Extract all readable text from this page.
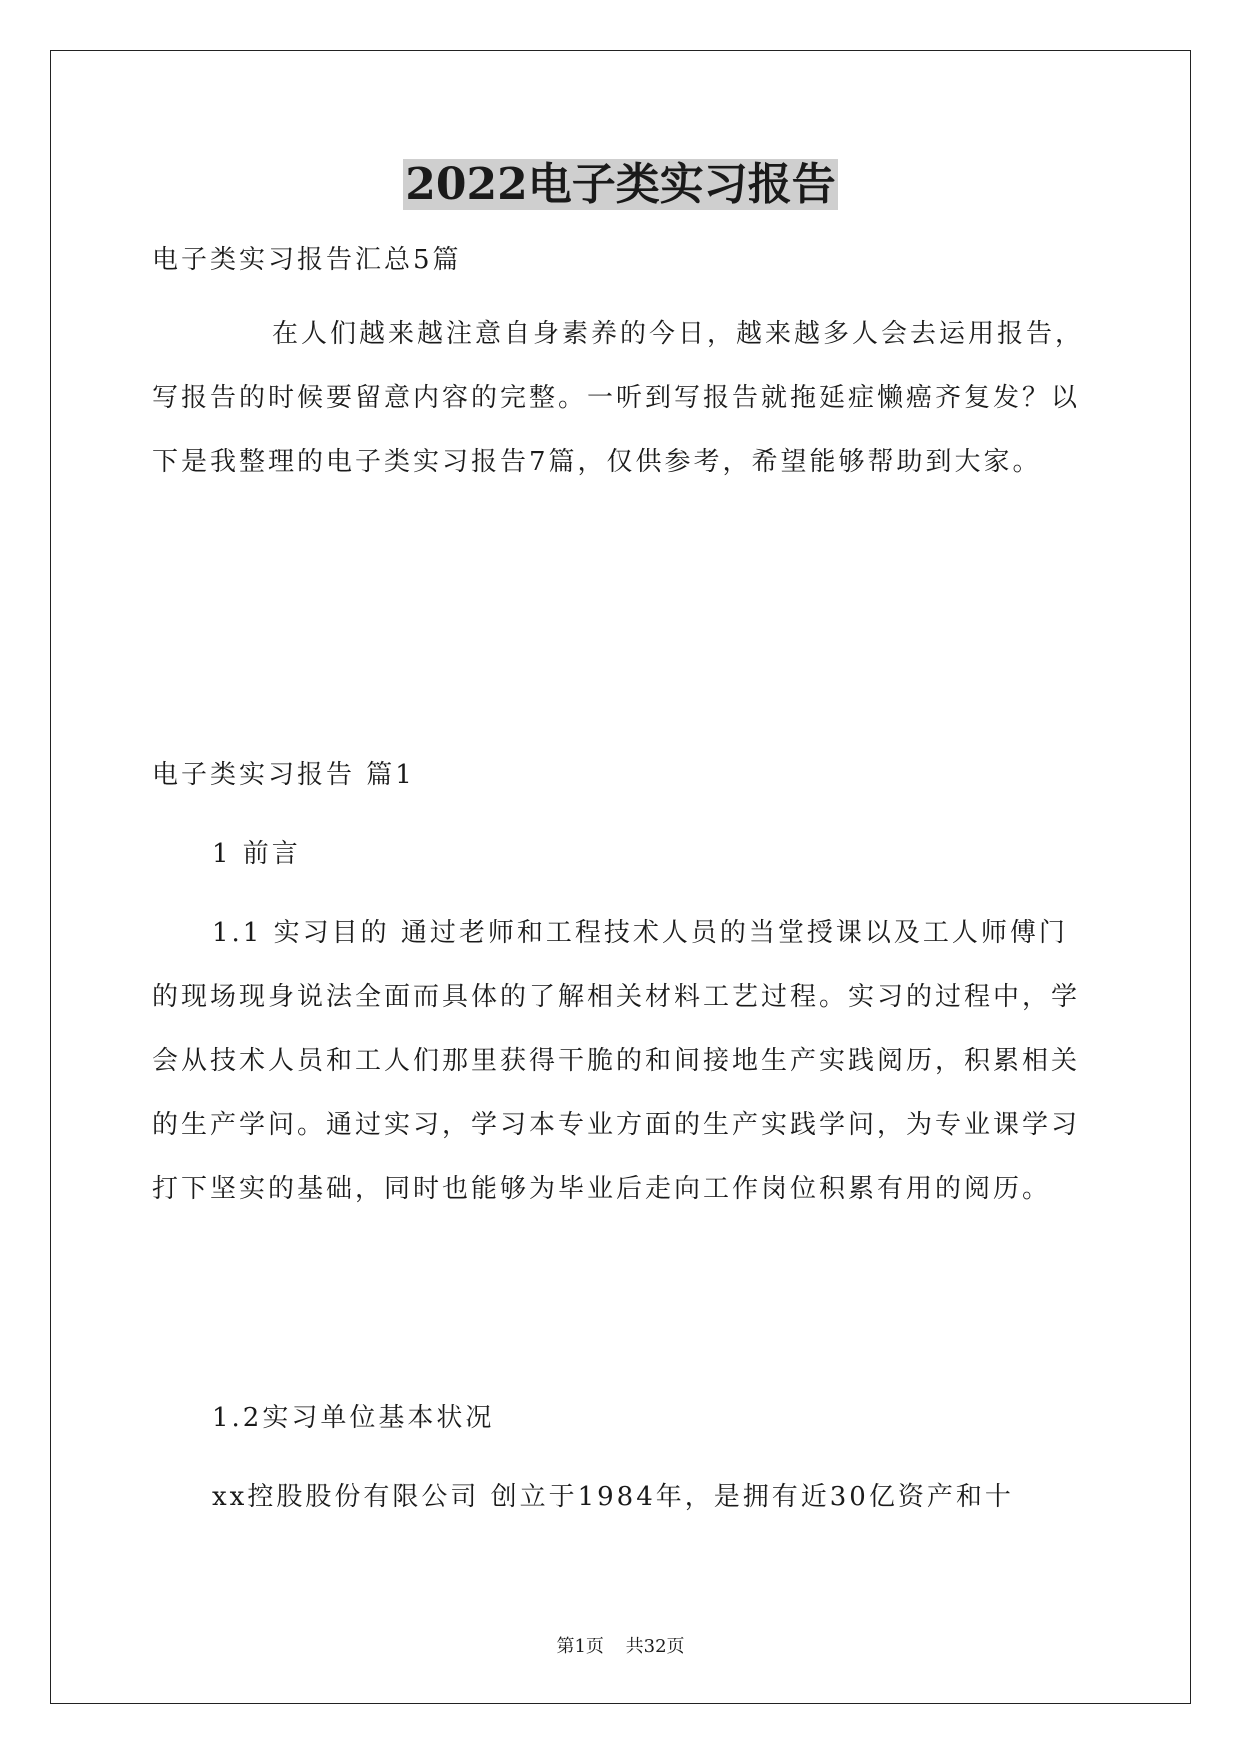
2022电子类实习报告

电子类实习报告汇总5篇

在人们越来越注意自身素养的今日，越来越多人会去运用报告，写报告的时候要留意内容的完整。一听到写报告就拖延症懒癌齐复发？以下是我整理的电子类实习报告7篇，仅供参考，希望能够帮助到大家。

电子类实习报告 篇1

1 前言

1.1 实习目的 通过老师和工程技术人员的当堂授课以及工人师傅门的现场现身说法全面而具体的了解相关材料工艺过程。实习的过程中，学会从技术人员和工人们那里获得干脆的和间接地生产实践阅历，积累相关的生产学问。通过实习，学习本专业方面的生产实践学问，为专业课学习打下坚实的基础，同时也能够为毕业后走向工作岗位积累有用的阅历。

1.2实习单位基本状况

xx控股股份有限公司 创立于1984年，是拥有近30亿资产和十

第1页 共32页
